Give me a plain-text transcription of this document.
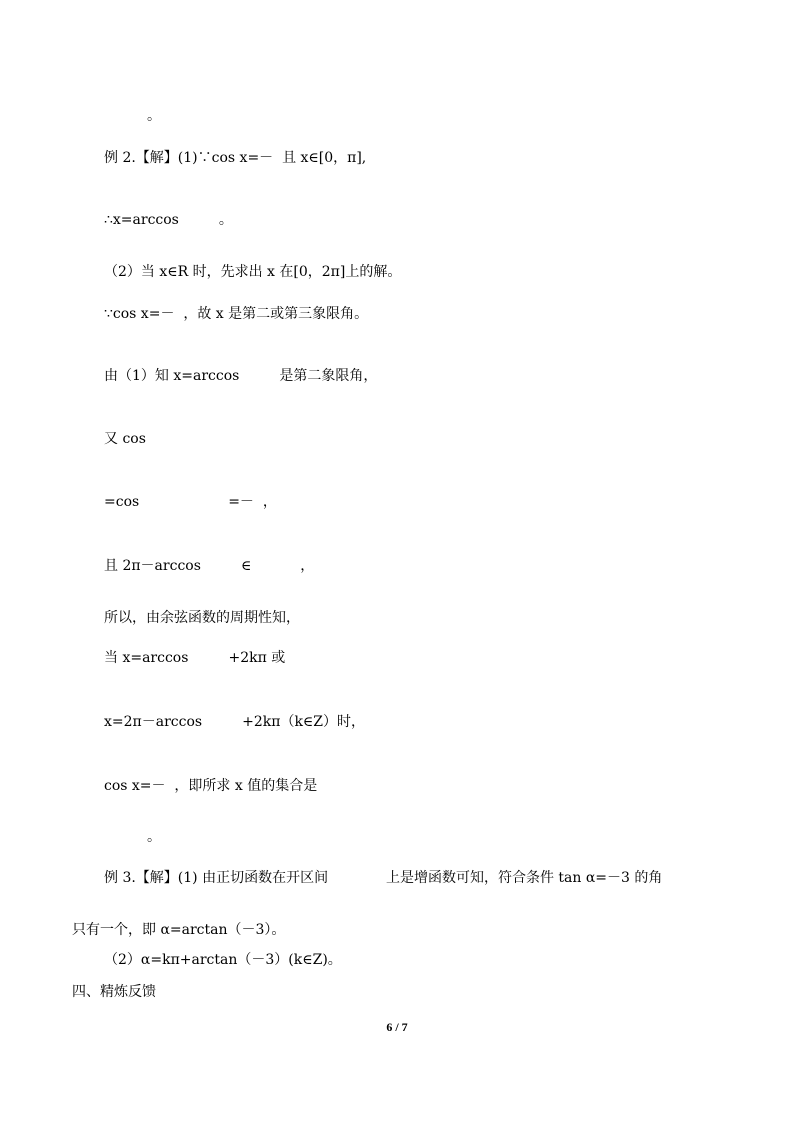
。
例 2.【解】(1)∵cos x=－  且 x∈[0，π],
∴x=arccos         。
（2）当 x∈R 时，先求出 x 在[0，2π]上的解。
∵cos x=－  ，故 x 是第二或第三象限角。
由（1）知 x=arccos         是第二象限角，
又 cos
=cos                    =－  ，
且 2π－arccos         ∈           ，
所以，由余弦函数的周期性知，
当 x=arccos         +2kπ 或
x=2π－arccos         +2kπ（k∈Z）时，
cos x=－  ，即所求 x 值的集合是
。
例 3.【解】(1) 由正切函数在开区间             上是增函数可知，符合条件 tan α=－3 的角
只有一个，即 α=arctan（－3）。
（2）α=kπ+arctan（－3）(k∈Z)。
四、精炼反馈
6 / 7
